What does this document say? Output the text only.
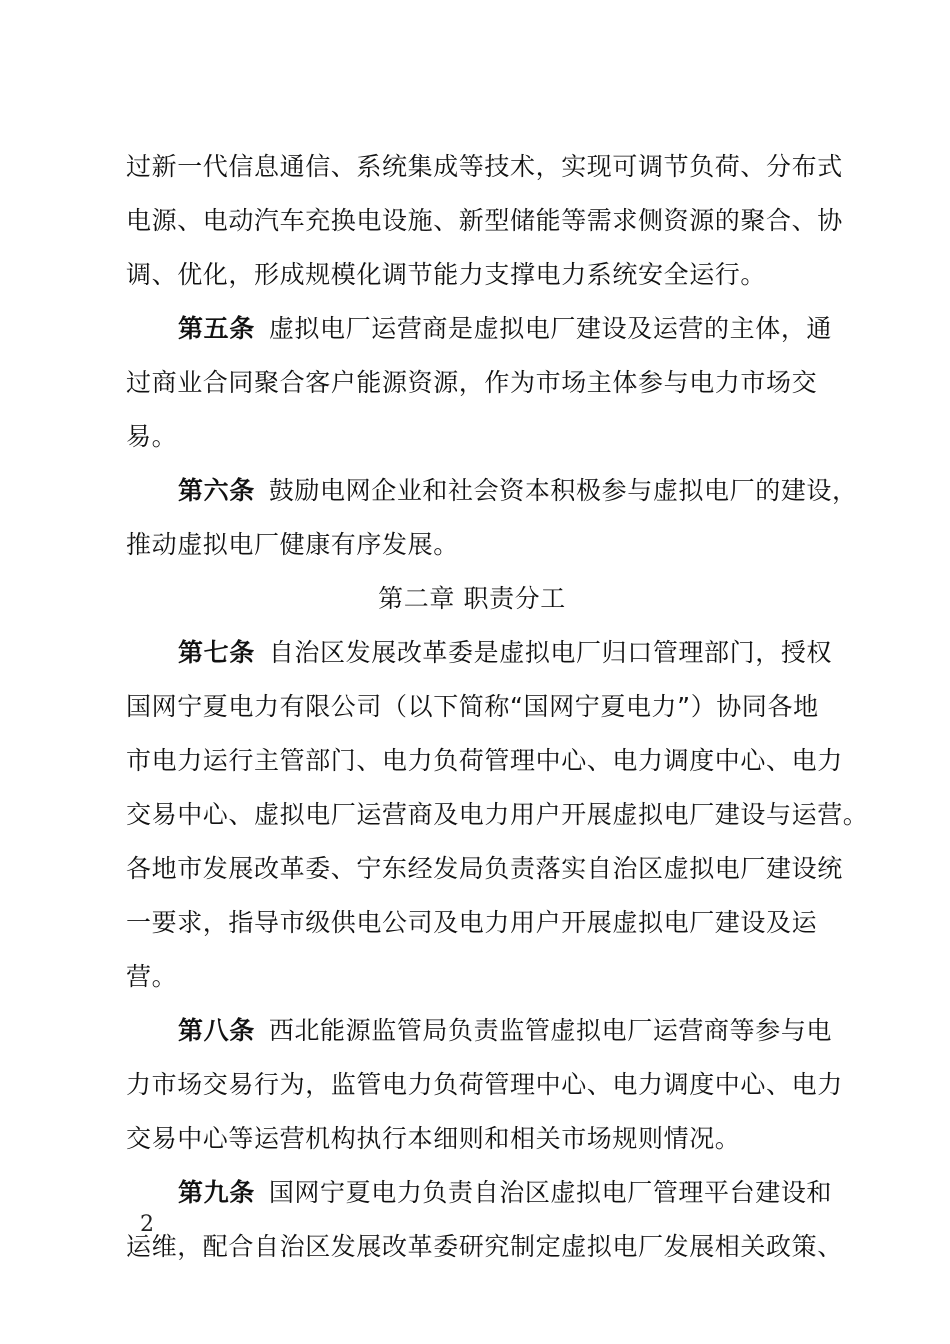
过新一代信息通信、系统集成等技术，实现可调节负荷、分布式
电源、电动汽车充换电设施、新型储能等需求侧资源的聚合、协
调、优化，形成规模化调节能力支撑电力系统安全运行。
第五条 虚拟电厂运营商是虚拟电厂建设及运营的主体，通
过商业合同聚合客户能源资源，作为市场主体参与电力市场交
易。
第六条 鼓励电网企业和社会资本积极参与虚拟电厂的建设，
推动虚拟电厂健康有序发展。
第二章 职责分工
第七条 自治区发展改革委是虚拟电厂归口管理部门，授权
国网宁夏电力有限公司（以下简称“国网宁夏电力”）协同各地
市电力运行主管部门、电力负荷管理中心、电力调度中心、电力
交易中心、虚拟电厂运营商及电力用户开展虚拟电厂建设与运营。
各地市发展改革委、宁东经发局负责落实自治区虚拟电厂建设统
一要求，指导市级供电公司及电力用户开展虚拟电厂建设及运
营。
第八条 西北能源监管局负责监管虚拟电厂运营商等参与电
力市场交易行为，监管电力负荷管理中心、电力调度中心、电力
交易中心等运营机构执行本细则和相关市场规则情况。
第九条 国网宁夏电力负责自治区虚拟电厂管理平台建设和
运维，配合自治区发展改革委研究制定虚拟电厂发展相关政策、
2
